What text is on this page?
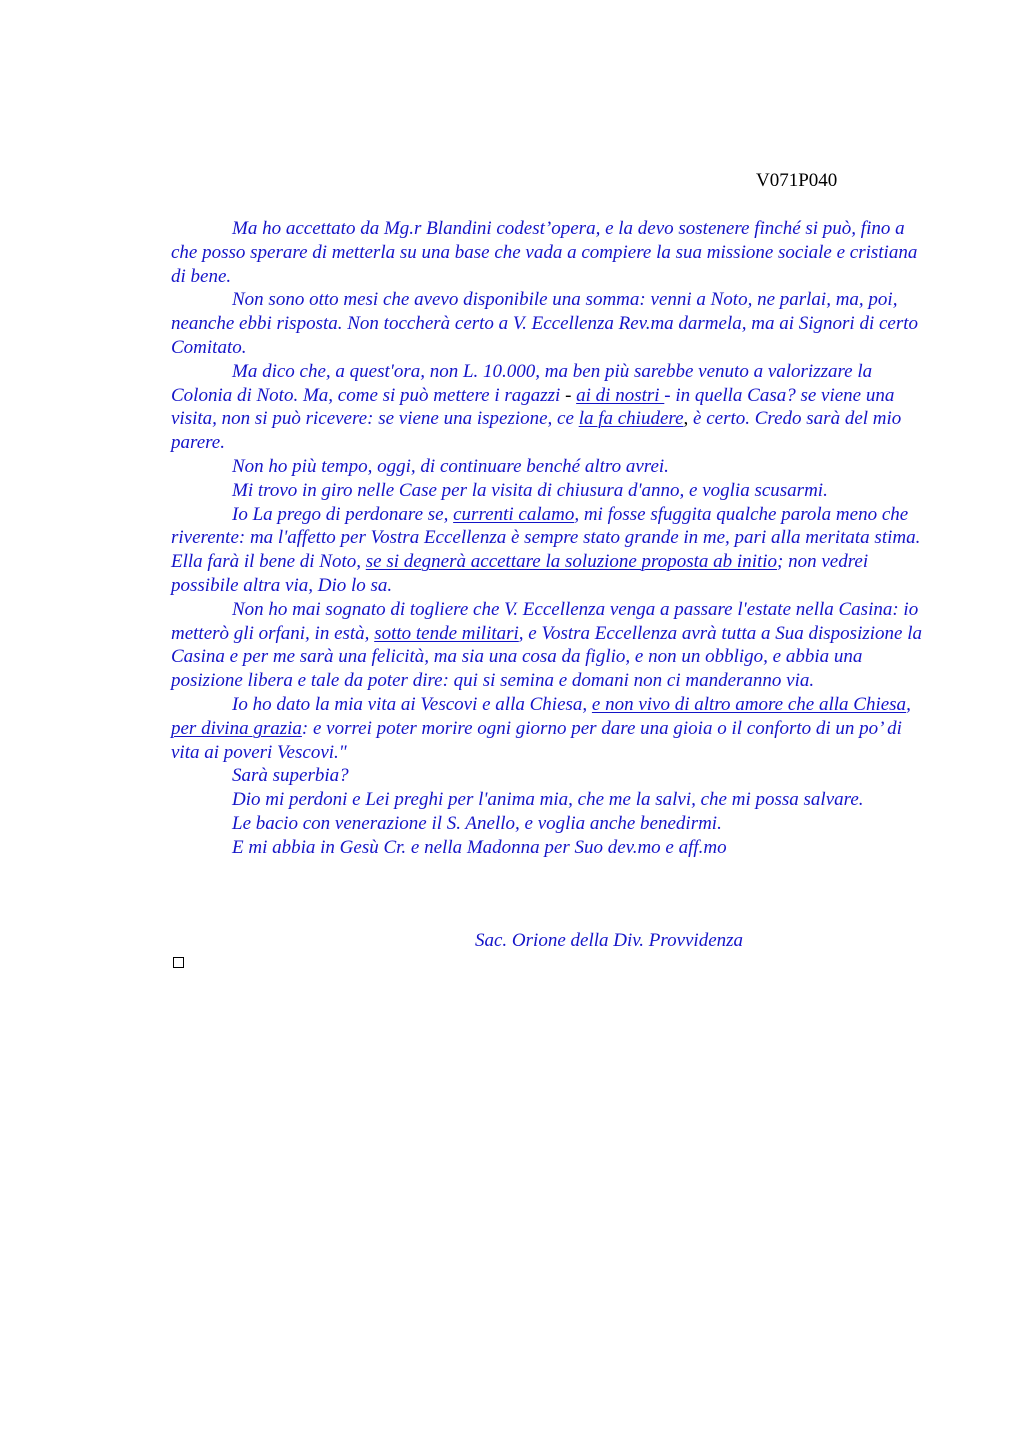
V071P040

Ma ho accettato da Mg.r Blandini codest’opera, e la devo sostenere finché si può, fino a che posso sperare di metterla su una base che vada a compiere la sua missione sociale e cristiana di bene.

Non sono otto mesi che avevo disponibile una somma: venni a Noto, ne parlai, ma, poi, neanche ebbi risposta. Non toccherà certo a V. Eccellenza Rev.ma darmela, ma ai Signori di certo Comitato.

Ma dico che, a quest'ora, non L. 10.000, ma ben più sarebbe venuto a valorizzare la Colonia di Noto. Ma, come si può mettere i ragazzi - ai di nostri - in quella Casa? se viene una visita, non si può ricevere: se viene una ispezione, ce la fa chiudere, è certo. Credo sarà del mio parere.

Non ho più tempo, oggi, di continuare benché altro avrei.

Mi trovo in giro nelle Case per la visita di chiusura d'anno, e voglia scusarmi.

Io La prego di perdonare se, currenti calamo, mi fosse sfuggita qualche parola meno che riverente: ma l'affetto per Vostra Eccellenza è sempre stato grande in me, pari alla meritata stima. Ella farà il bene di Noto, se si degnerà accettare la soluzione proposta ab initio; non vedrei possibile altra via, Dio lo sa.

Non ho mai sognato di togliere che V. Eccellenza venga a passare l'estate nella Casina: io metterò gli orfani, in està, sotto tende militari, e Vostra Eccellenza avrà tutta a Sua disposizione la Casina e per me sarà una felicità, ma sia una cosa da figlio, e non un obbligo, e abbia una posizione libera e tale da poter dire: qui si semina e domani non ci manderanno via.

Io ho dato la mia vita ai Vescovi e alla Chiesa, e non vivo di altro amore che alla Chiesa, per divina grazia: e vorrei poter morire ogni giorno per dare una gioia o il conforto di un po’ di vita ai poveri Vescovi."

Sarà superbia?

Dio mi perdoni e Lei preghi per l'anima mia, che me la salvi, che mi possa salvare.

Le bacio con venerazione il S. Anello, e voglia anche benedirmi.

E mi abbia in Gesù Cr. e nella Madonna per Suo dev.mo e aff.mo

Sac. Orione della Div. Provvidenza
